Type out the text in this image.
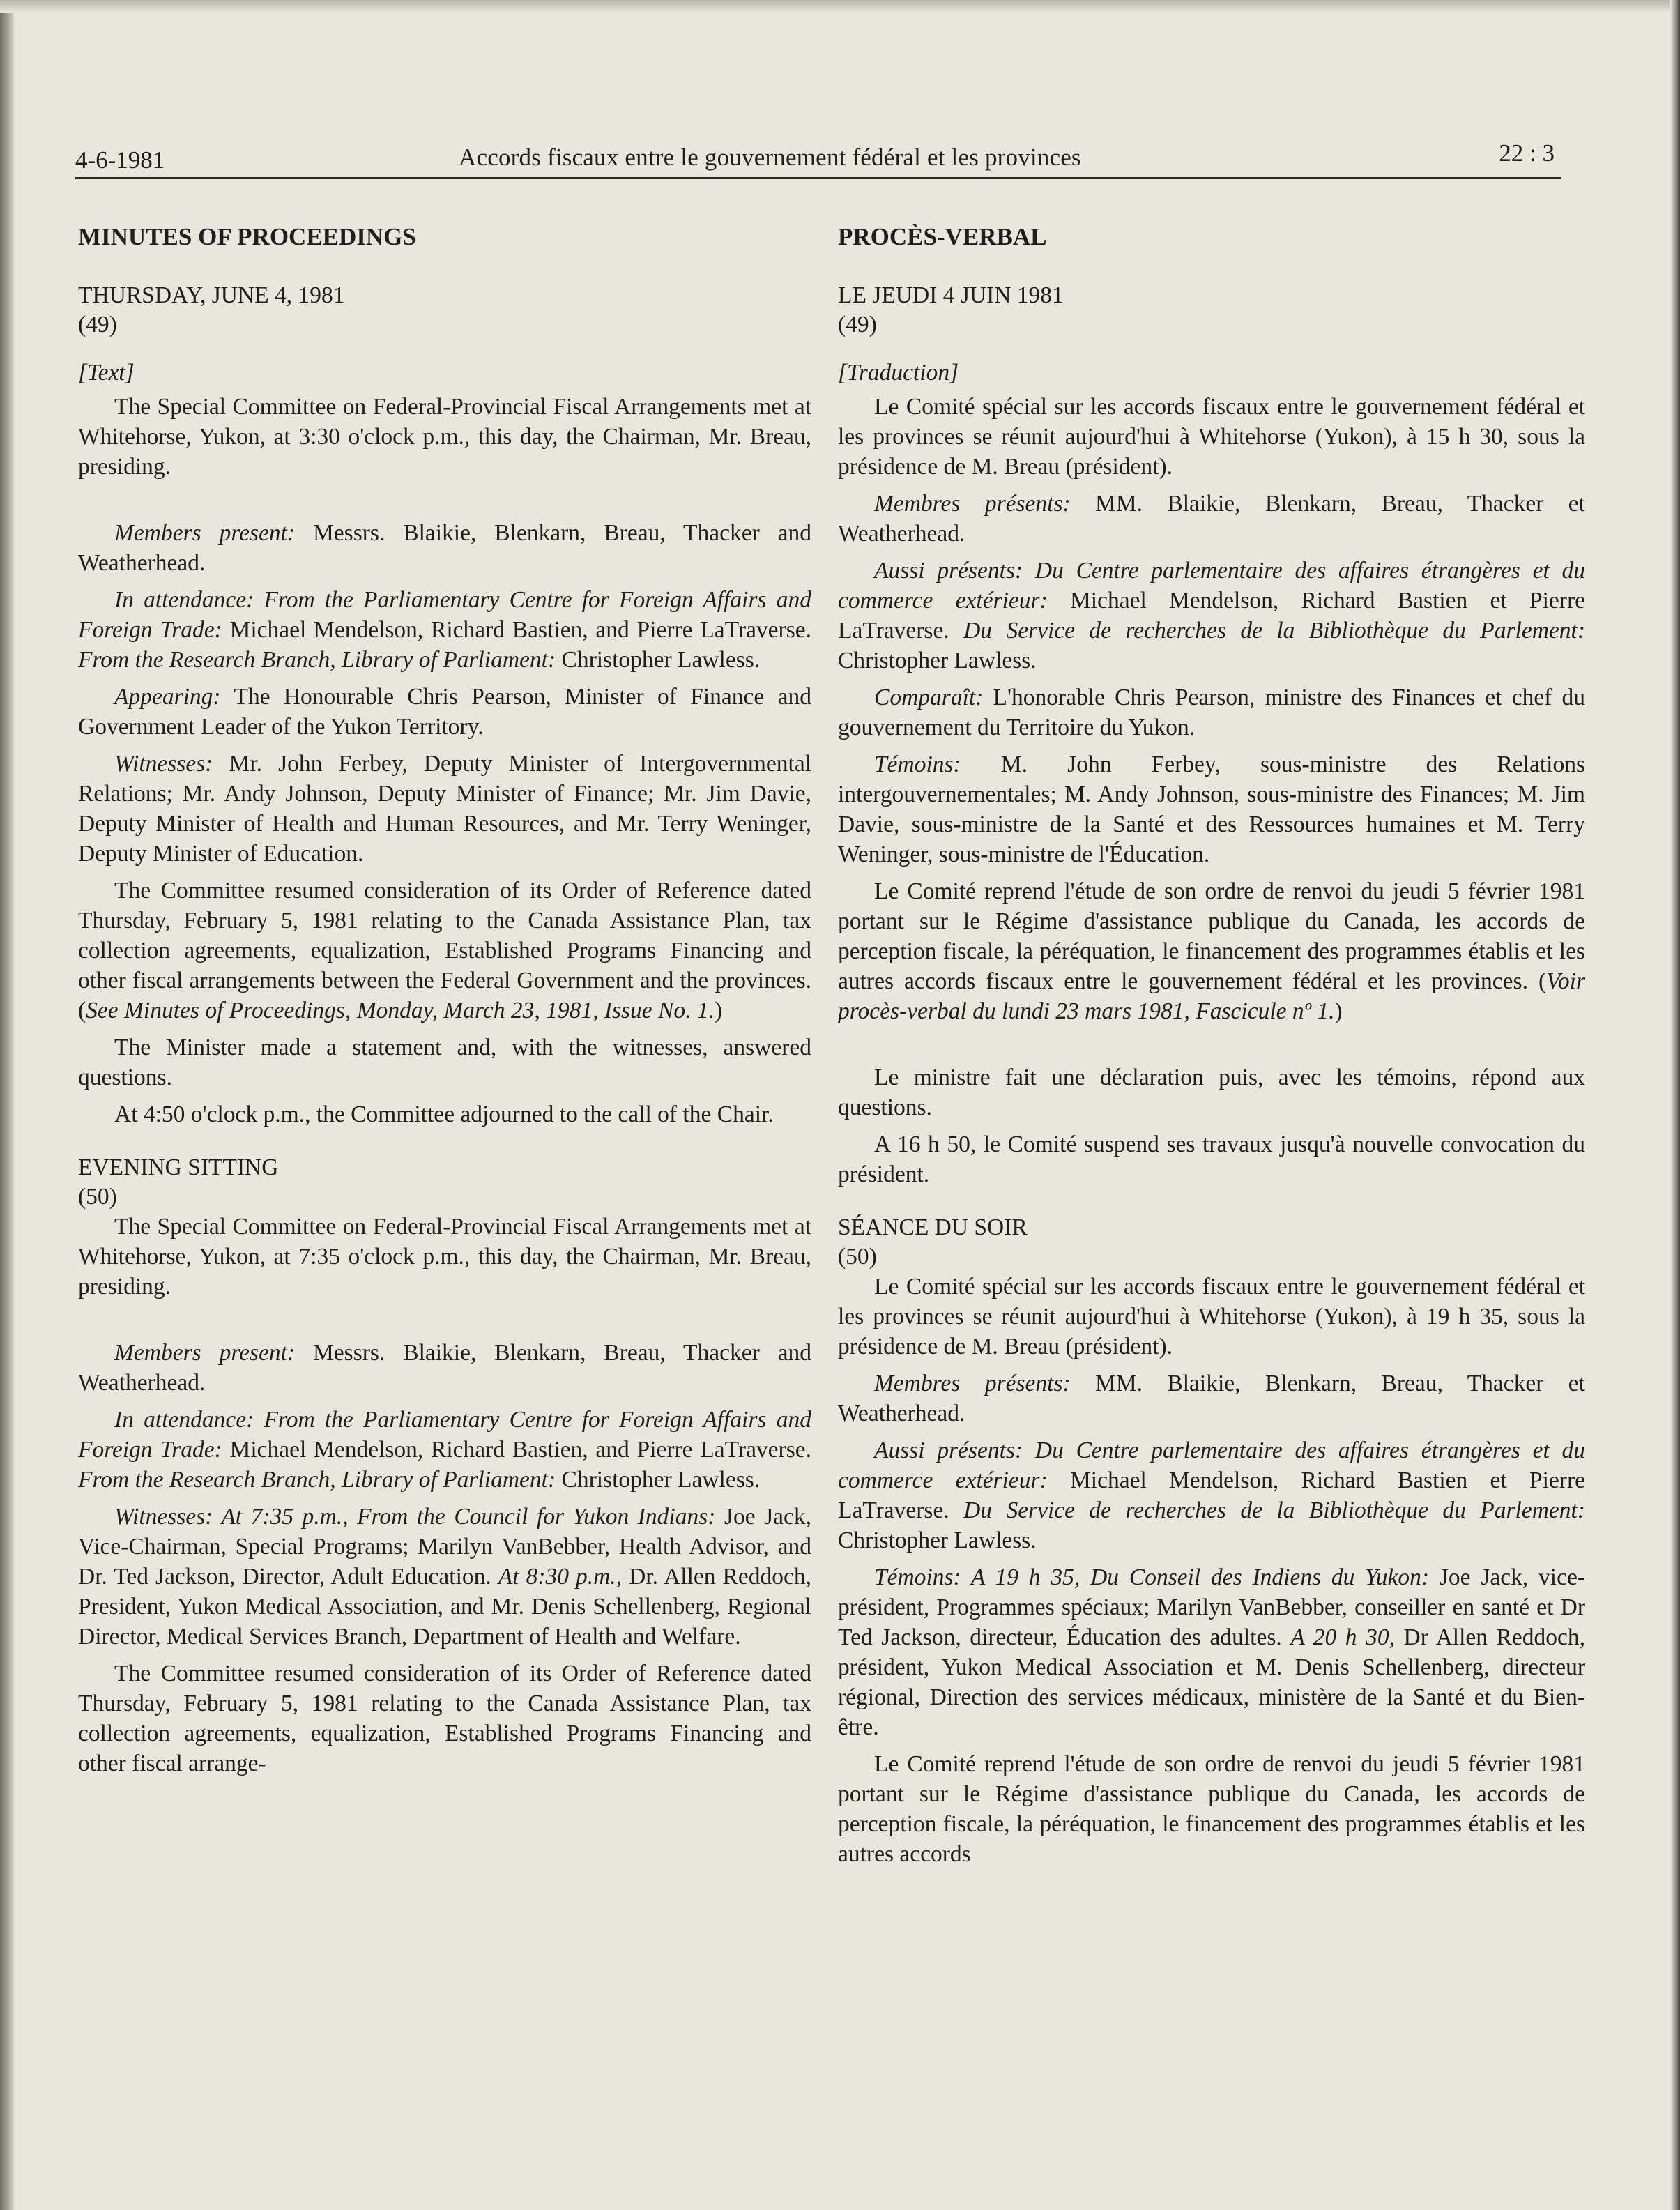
4-6-1981	Accords fiscaux entre le gouvernement fédéral et les provinces	22 : 3
MINUTES OF PROCEEDINGS
THURSDAY, JUNE 4, 1981
(49)
[Text]

The Special Committee on Federal-Provincial Fiscal Arrangements met at Whitehorse, Yukon, at 3:30 o'clock p.m., this day, the Chairman, Mr. Breau, presiding.

Members present: Messrs. Blaikie, Blenkarn, Breau, Thacker and Weatherhead.

In attendance: From the Parliamentary Centre for Foreign Affairs and Foreign Trade: Michael Mendelson, Richard Bastien, and Pierre LaTraverse. From the Research Branch, Library of Parliament: Christopher Lawless.

Appearing: The Honourable Chris Pearson, Minister of Finance and Government Leader of the Yukon Territory.

Witnesses: Mr. John Ferbey, Deputy Minister of Intergovernmental Relations; Mr. Andy Johnson, Deputy Minister of Finance; Mr. Jim Davie, Deputy Minister of Health and Human Resources, and Mr. Terry Weninger, Deputy Minister of Education.

The Committee resumed consideration of its Order of Reference dated Thursday, February 5, 1981 relating to the Canada Assistance Plan, tax collection agreements, equalization, Established Programs Financing and other fiscal arrangements between the Federal Government and the provinces. (See Minutes of Proceedings, Monday, March 23, 1981, Issue No. 1.)

The Minister made a statement and, with the witnesses, answered questions.

At 4:50 o'clock p.m., the Committee adjourned to the call of the Chair.

EVENING SITTING
(50)

The Special Committee on Federal-Provincial Fiscal Arrangements met at Whitehorse, Yukon, at 7:35 o'clock p.m., this day, the Chairman, Mr. Breau, presiding.

Members present: Messrs. Blaikie, Blenkarn, Breau, Thacker and Weatherhead.

In attendance: From the Parliamentary Centre for Foreign Affairs and Foreign Trade: Michael Mendelson, Richard Bastien, and Pierre LaTraverse. From the Research Branch, Library of Parliament: Christopher Lawless.

Witnesses: At 7:35 p.m., From the Council for Yukon Indians: Joe Jack, Vice-Chairman, Special Programs; Marilyn VanBebber, Health Advisor, and Dr. Ted Jackson, Director, Adult Education. At 8:30 p.m., Dr. Allen Reddoch, President, Yukon Medical Association, and Mr. Denis Schellenberg, Regional Director, Medical Services Branch, Department of Health and Welfare.

The Committee resumed consideration of its Order of Reference dated Thursday, February 5, 1981 relating to the Canada Assistance Plan, tax collection agreements, equalization, Established Programs Financing and other fiscal arrange-

PROCÈS-VERBAL
LE JEUDI 4 JUIN 1981
(49)
[Traduction]

Le Comité spécial sur les accords fiscaux entre le gouvernement fédéral et les provinces se réunit aujourd'hui à Whitehorse (Yukon), à 15 h 30, sous la présidence de M. Breau (président).

Membres présents: MM. Blaikie, Blenkarn, Breau, Thacker et Weatherhead.

Aussi présents: Du Centre parlementaire des affaires étrangères et du commerce extérieur: Michael Mendelson, Richard Bastien et Pierre LaTraverse. Du Service de recherches de la Bibliothèque du Parlement: Christopher Lawless.

Comparaît: L'honorable Chris Pearson, ministre des Finances et chef du gouvernement du Territoire du Yukon.

Témoins: M. John Ferbey, sous-ministre des Relations intergouvernementales; M. Andy Johnson, sous-ministre des Finances; M. Jim Davie, sous-ministre de la Santé et des Ressources humaines et M. Terry Weninger, sous-ministre de l'Éducation.

Le Comité reprend l'étude de son ordre de renvoi du jeudi 5 février 1981 portant sur le Régime d'assistance publique du Canada, les accords de perception fiscale, la péréquation, le financement des programmes établis et les autres accords fiscaux entre le gouvernement fédéral et les provinces. (Voir procès-verbal du lundi 23 mars 1981, Fascicule nº 1.)

Le ministre fait une déclaration puis, avec les témoins, répond aux questions.

A 16 h 50, le Comité suspend ses travaux jusqu'à nouvelle convocation du président.

SÉANCE DU SOIR
(50)

Le Comité spécial sur les accords fiscaux entre le gouvernement fédéral et les provinces se réunit aujourd'hui à Whitehorse (Yukon), à 19 h 35, sous la présidence de M. Breau (président).

Membres présents: MM. Blaikie, Blenkarn, Breau, Thacker et Weatherhead.

Aussi présents: Du Centre parlementaire des affaires étrangères et du commerce extérieur: Michael Mendelson, Richard Bastien et Pierre LaTraverse. Du Service de recherches de la Bibliothèque du Parlement: Christopher Lawless.

Témoins: A 19 h 35, Du Conseil des Indiens du Yukon: Joe Jack, vice-président, Programmes spéciaux; Marilyn VanBebber, conseiller en santé et Dr Ted Jackson, directeur, Éducation des adultes. A 20 h 30, Dr Allen Reddoch, président, Yukon Medical Association et M. Denis Schellenberg, directeur régional, Direction des services médicaux, ministère de la Santé et du Bien-être.

Le Comité reprend l'étude de son ordre de renvoi du jeudi 5 février 1981 portant sur le Régime d'assistance publique du Canada, les accords de perception fiscale, la péréquation, le financement des programmes établis et les autres accords
